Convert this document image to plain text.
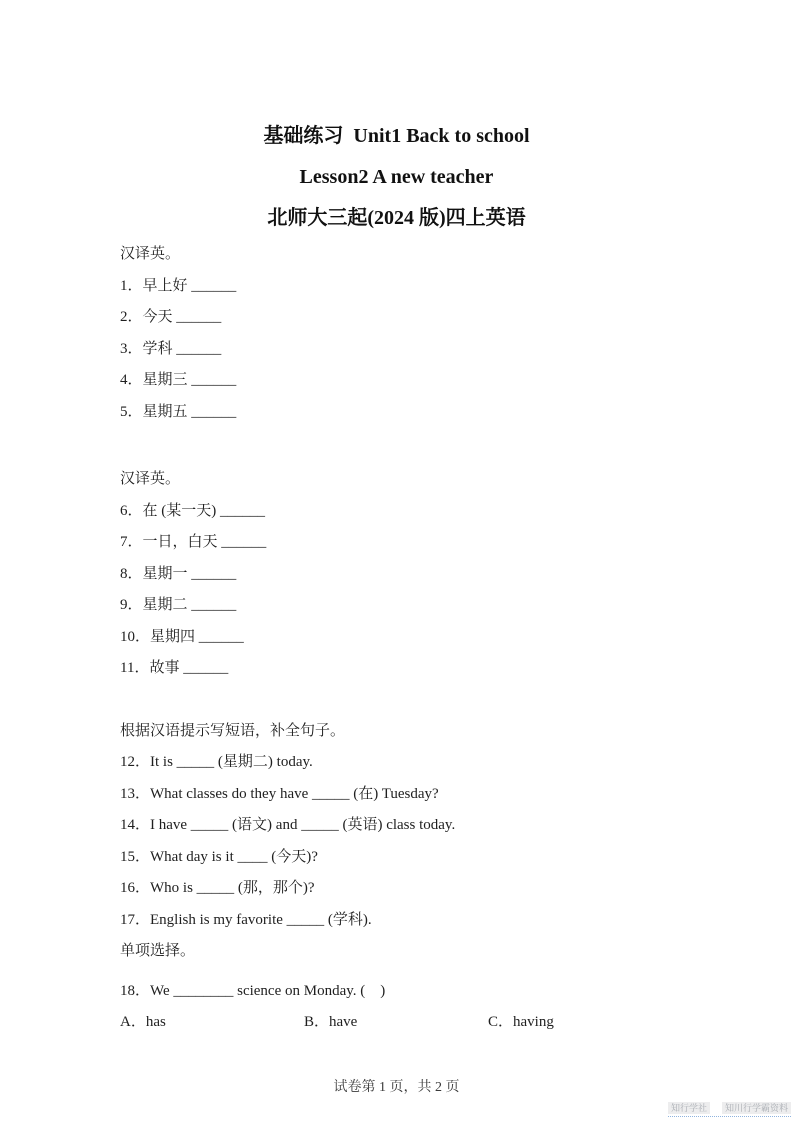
基础练习  Unit1 Back to school
Lesson2 A new teacher
北师大三起(2024 版)四上英语

汉译英。

1．早上好 ______

2．今天 ______

3．学科 ______

4．星期三 ______

5．星期五 ______

汉译英。

6．在 (某一天) ______

7．一日，白天 ______

8．星期一 ______

9．星期二 ______

10．星期四 ______

11．故事 ______

根据汉语提示写短语，补全句子。

12．It is _____ (星期二) today.

13．What classes do they have _____ (在) Tuesday?

14．I have _____ (语文) and _____ (英语) class today.

15．What day is it ____ (今天)?

16．Who is _____ (那，那个)?

17．English is my favorite _____ (学科).

单项选择。

18．We ________ science on Monday. (    )

A．has	B．have	C．having

试卷第 1 页，共 2 页

知行学社	知川行学霸资料
